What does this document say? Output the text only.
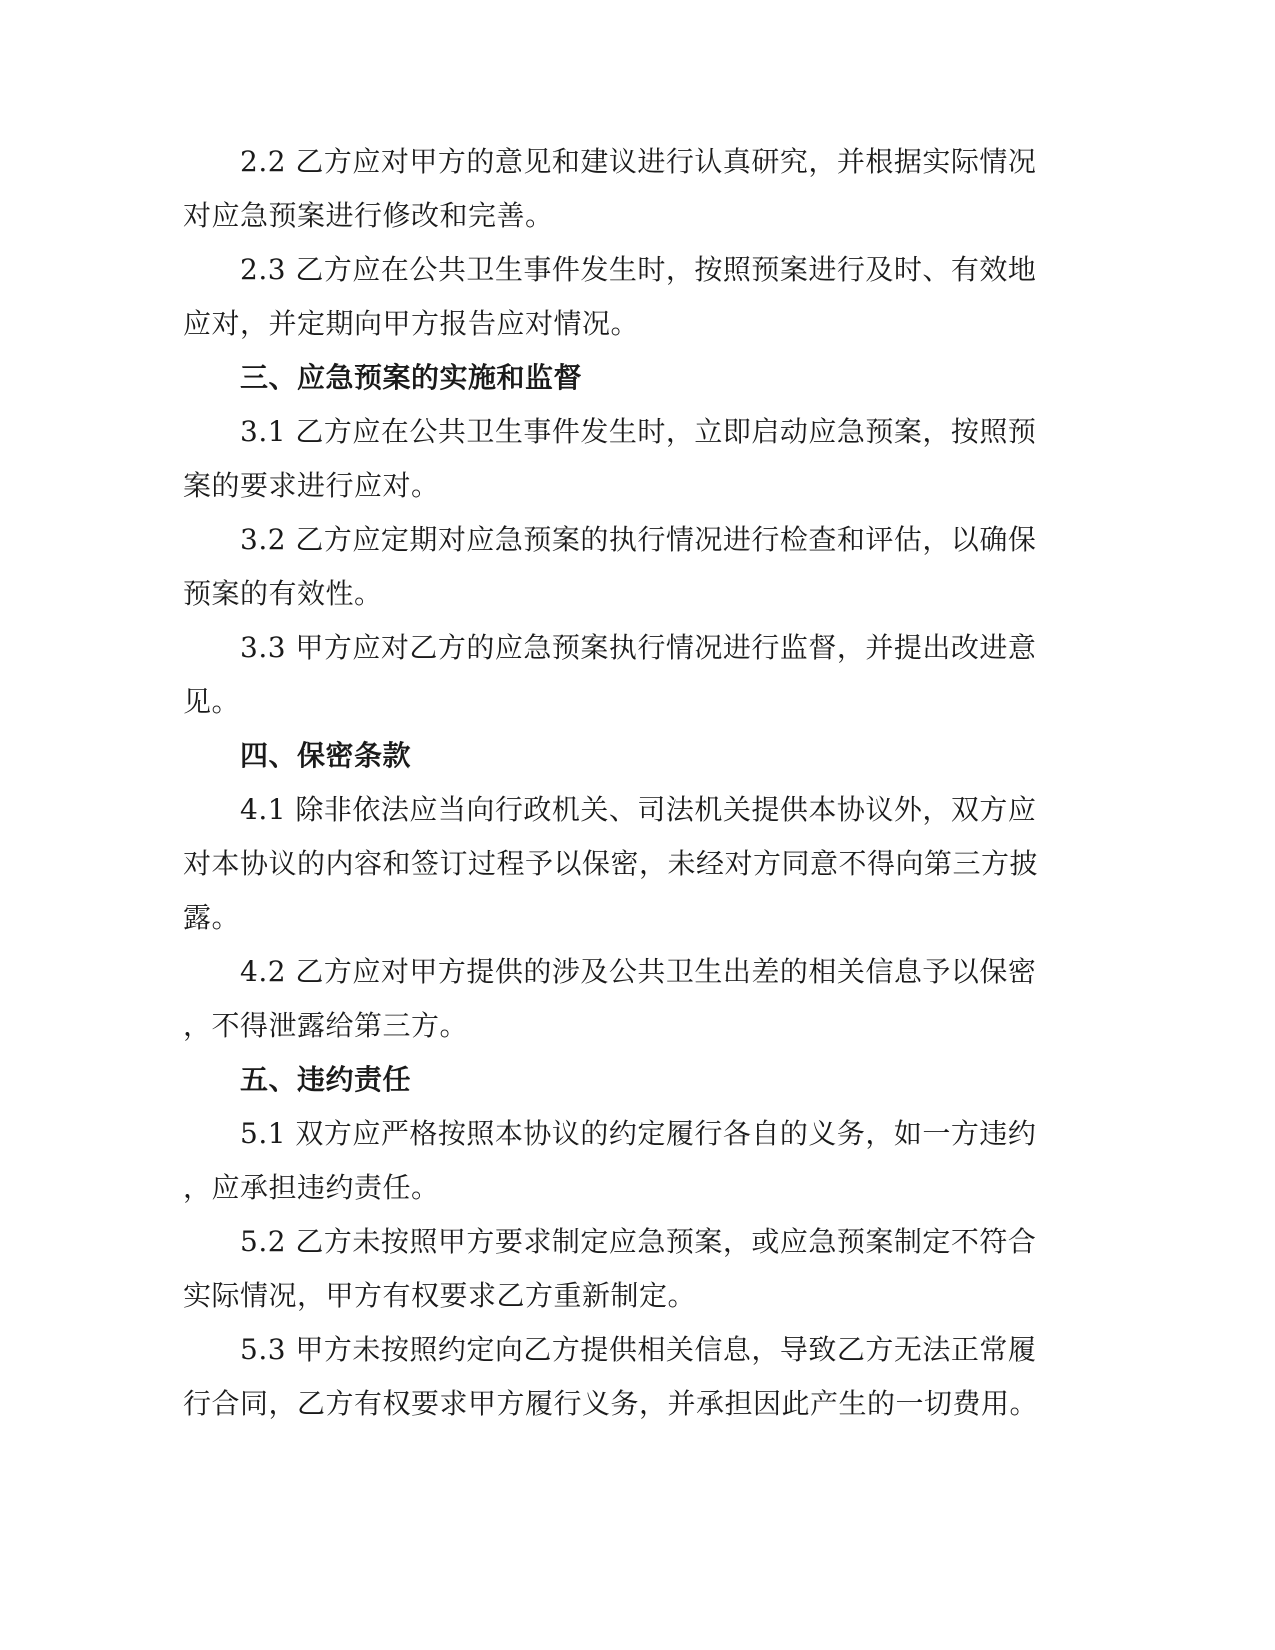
2.2 乙方应对甲方的意见和建议进行认真研究，并根据实际情况
对应急预案进行修改和完善。
2.3 乙方应在公共卫生事件发生时，按照预案进行及时、有效地
应对，并定期向甲方报告应对情况。
三、应急预案的实施和监督
3.1 乙方应在公共卫生事件发生时，立即启动应急预案，按照预
案的要求进行应对。
3.2 乙方应定期对应急预案的执行情况进行检查和评估，以确保
预案的有效性。
3.3 甲方应对乙方的应急预案执行情况进行监督，并提出改进意
见。
四、保密条款
4.1 除非依法应当向行政机关、司法机关提供本协议外，双方应
对本协议的内容和签订过程予以保密，未经对方同意不得向第三方披
露。
4.2 乙方应对甲方提供的涉及公共卫生出差的相关信息予以保密
，不得泄露给第三方。
五、违约责任
5.1 双方应严格按照本协议的约定履行各自的义务，如一方违约
，应承担违约责任。
5.2 乙方未按照甲方要求制定应急预案，或应急预案制定不符合
实际情况，甲方有权要求乙方重新制定。
5.3 甲方未按照约定向乙方提供相关信息，导致乙方无法正常履
行合同，乙方有权要求甲方履行义务，并承担因此产生的一切费用。
